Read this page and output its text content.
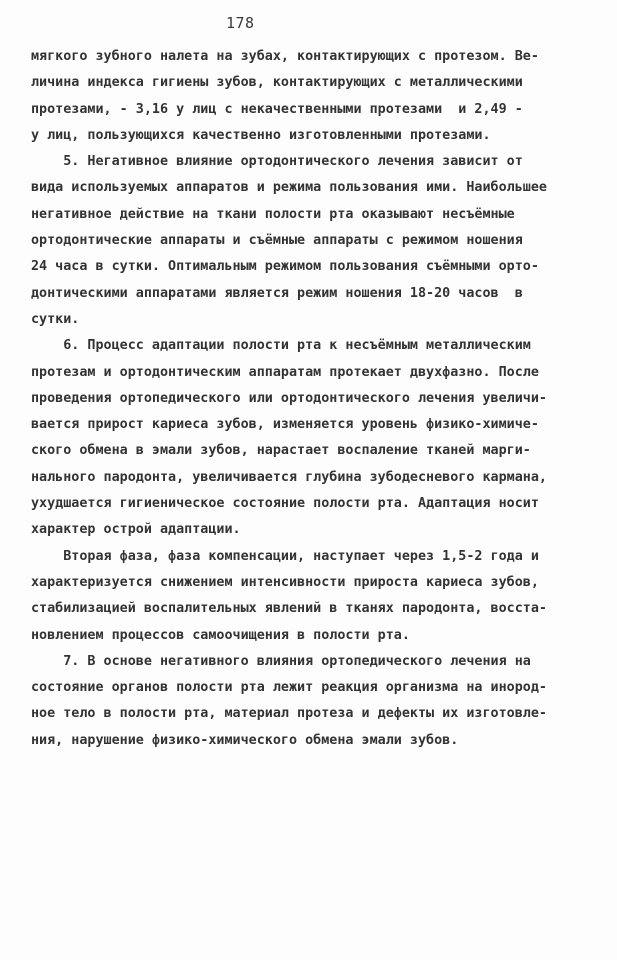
178
мягкого зубного налета на зубах, контактирующих с протезом. Ве-
личина индекса гигиены зубов, контактирующих с металлическими
протезами, - 3,16 у лиц с некачественными протезами  и 2,49 -
у лиц, пользующихся качественно изготовленными протезами.
5. Негативное влияние ортодонтического лечения зависит от
вида используемых аппаратов и режима пользования ими. Наибольшее
негативное действие на ткани полости рта оказывают несъёмные
ортодонтические аппараты и съёмные аппараты с режимом ношения
24 часа в сутки. Оптимальным режимом пользования съёмными орто-
донтическими аппаратами является режим ношения 18-20 часов  в
сутки.
6. Процесс адаптации полости рта к несъёмным металлическим
протезам и ортодонтическим аппаратам протекает двухфазно. После
проведения ортопедического или ортодонтического лечения увеличи-
вается прирост кариеса зубов, изменяется уровень физико-химиче-
ского обмена в эмали зубов, нарастает воспаление тканей марги-
нального пародонта, увеличивается глубина зубодесневого кармана,
ухудшается гигиеническое состояние полости рта. Адаптация носит
характер острой адаптации.
Вторая фаза, фаза компенсации, наступает через 1,5-2 года и
характеризуется снижением интенсивности прироста кариеса зубов,
стабилизацией воспалительных явлений в тканях пародонта, восста-
новлением процессов самоочищения в полости рта.
7. В основе негативного влияния ортопедического лечения на
состояние органов полости рта лежит реакция организма на инород-
ное тело в полости рта, материал протеза и дефекты их изготовле-
ния, нарушение физико-химического обмена эмали зубов.
